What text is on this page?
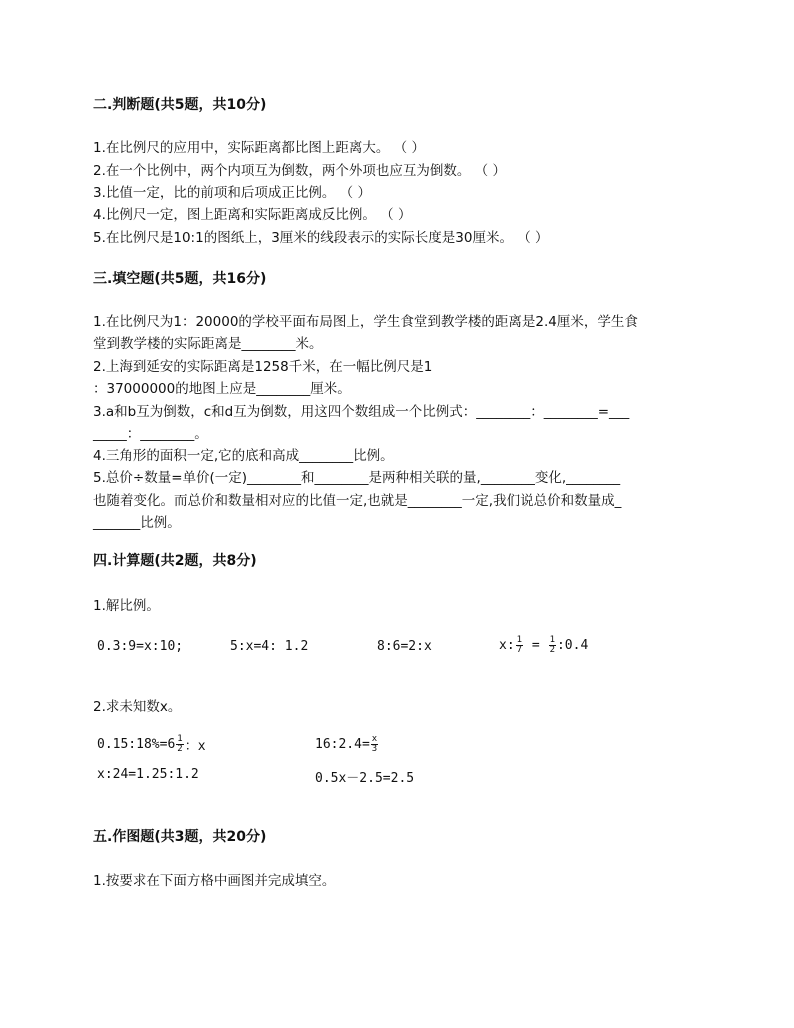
二.判断题(共5题，共10分)
1.在比例尺的应用中，实际距离都比图上距离大。 （ ）
2.在一个比例中，两个内项互为倒数，两个外项也应互为倒数。 （ ）
3.比值一定，比的前项和后项成正比例。 （ ）
4.比例尺一定，图上距离和实际距离成反比例。 （ ）
5.在比例尺是10:1的图纸上，3厘米的线段表示的实际长度是30厘米。 （ ）
三.填空题(共5题，共16分)
1.在比例尺为1：20000的学校平面布局图上，学生食堂到教学楼的距离是2.4厘米，学生食
堂到教学楼的实际距离是________米。
2.上海到延安的实际距离是1258千米，在一幅比例尺是1
：37000000的地图上应是________厘米。
3.a和b互为倒数，c和d互为倒数，用这四个数组成一个比例式：________：________=___
_____：________。
4.三角形的面积一定,它的底和高成________比例。
5.总价÷数量=单价(一定)________和________是两种相关联的量,________变化,________
也随着变化。而总价和数量相对应的比值一定,也就是________一定,我们说总价和数量成_
_______比例。
四.计算题(共2题，共8分)
1.解比例。
0.3:9=x:10;	5:x=4: 1.2	8:6=2:x	x: $\frac{1}{7} = \frac{1}{2}$ :0.4
2.求未知数x。
0.15:18%=6 $\frac{1}{2}$ ：x	16:2.4= $\frac{x}{3}$
x:24=1.25:1.2	0.5x－2.5=2.5
五.作图题(共3题，共20分)
1.按要求在下面方格中画图并完成填空。
